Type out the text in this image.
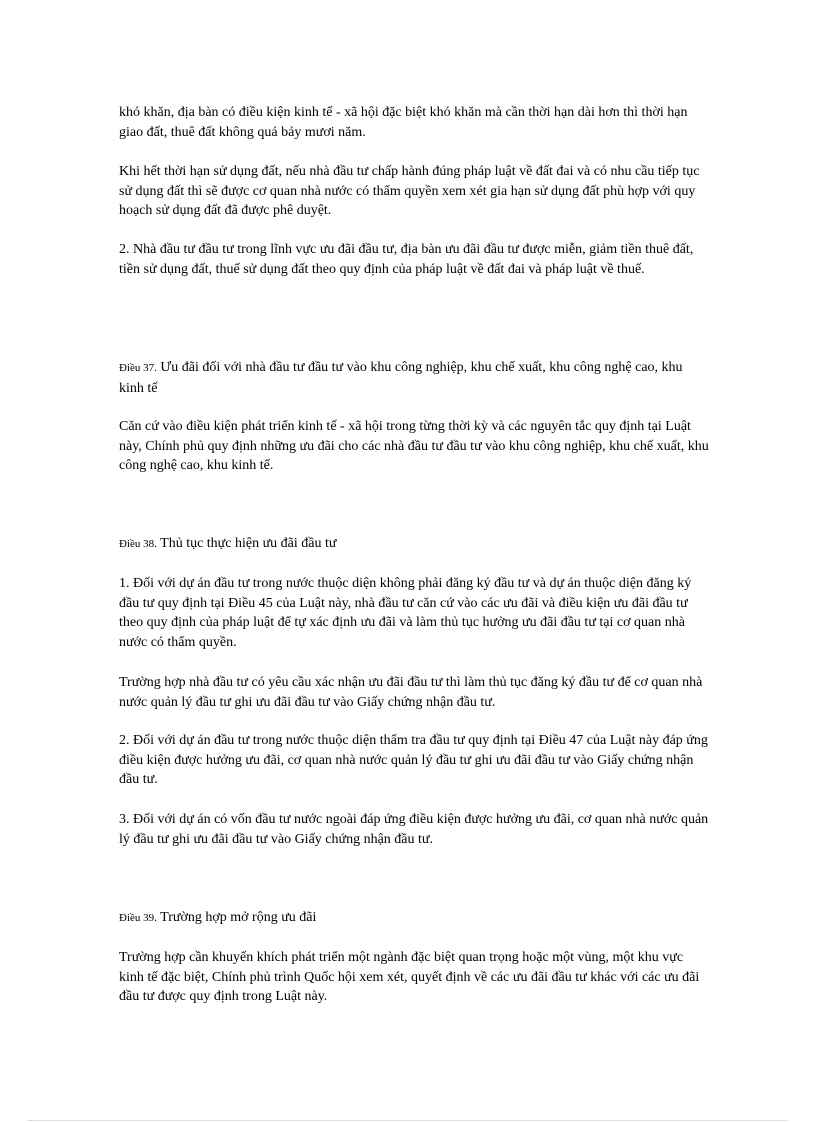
khó khăn, địa bàn có điều kiện kinh tế - xã hội đặc biệt khó khăn mà cần thời hạn dài hơn thì thời hạn giao đất, thuê đất không quá bảy mươi năm.

Khi hết thời hạn sử dụng đất, nếu nhà đầu tư chấp hành đúng pháp luật về đất đai và có nhu cầu tiếp tục sử dụng đất thì sẽ được cơ quan nhà nước có thẩm quyền xem xét gia hạn sử dụng đất phù hợp với quy hoạch sử dụng đất đã được phê duyệt.

2. Nhà đầu tư đầu tư trong lĩnh vực ưu đãi đầu tư, địa bàn ưu đãi đầu tư được miễn, giảm tiền thuê đất, tiền sử dụng đất, thuế sử dụng đất theo quy định của pháp luật về đất đai và pháp luật về thuế.

Điều 37. Ưu đãi đối với nhà đầu tư đầu tư vào khu công nghiệp, khu chế xuất, khu công nghệ cao, khu kinh tế

Căn cứ vào điều kiện phát triển kinh tế - xã hội trong từng thời kỳ và các nguyên tắc quy định tại Luật này, Chính phủ quy định những ưu đãi cho các nhà đầu tư đầu tư vào khu công nghiệp, khu chế xuất, khu công nghệ cao, khu kinh tế.

Điều 38. Thủ tục thực hiện ưu đãi đầu tư

1. Đối với dự án đầu tư trong nước thuộc diện không phải đăng ký đầu tư và dự án thuộc diện đăng ký đầu tư quy định tại Điều 45 của Luật này, nhà đầu tư căn cứ vào các ưu đãi và điều kiện ưu đãi đầu tư theo quy định của pháp luật để tự xác định ưu đãi và làm thủ tục hưởng ưu đãi đầu tư tại cơ quan nhà nước có thẩm quyền.

Trường hợp nhà đầu tư có yêu cầu xác nhận ưu đãi đầu tư thì làm thủ tục đăng ký đầu tư để cơ quan nhà nước quản lý đầu tư ghi ưu đãi đầu tư vào Giấy chứng nhận đầu tư.

2. Đối với dự án đầu tư trong nước thuộc diện thẩm tra đầu tư quy định tại Điều 47 của Luật này đáp ứng điều kiện được hưởng ưu đãi, cơ quan nhà nước quản lý đầu tư ghi ưu đãi đầu tư vào Giấy chứng nhận đầu tư.

3. Đối với dự án có vốn đầu tư nước ngoài đáp ứng điều kiện được hưởng ưu đãi, cơ quan nhà nước quản lý đầu tư ghi ưu đãi đầu tư vào Giấy chứng nhận đầu tư.

Điều 39. Trường hợp mở rộng ưu đãi

Trường hợp cần khuyến khích phát triển một ngành đặc biệt quan trọng hoặc một vùng, một khu vực kinh tế đặc biệt, Chính phủ trình Quốc hội xem xét, quyết định về các ưu đãi đầu tư khác với các ưu đãi đầu tư được quy định trong Luật này.
